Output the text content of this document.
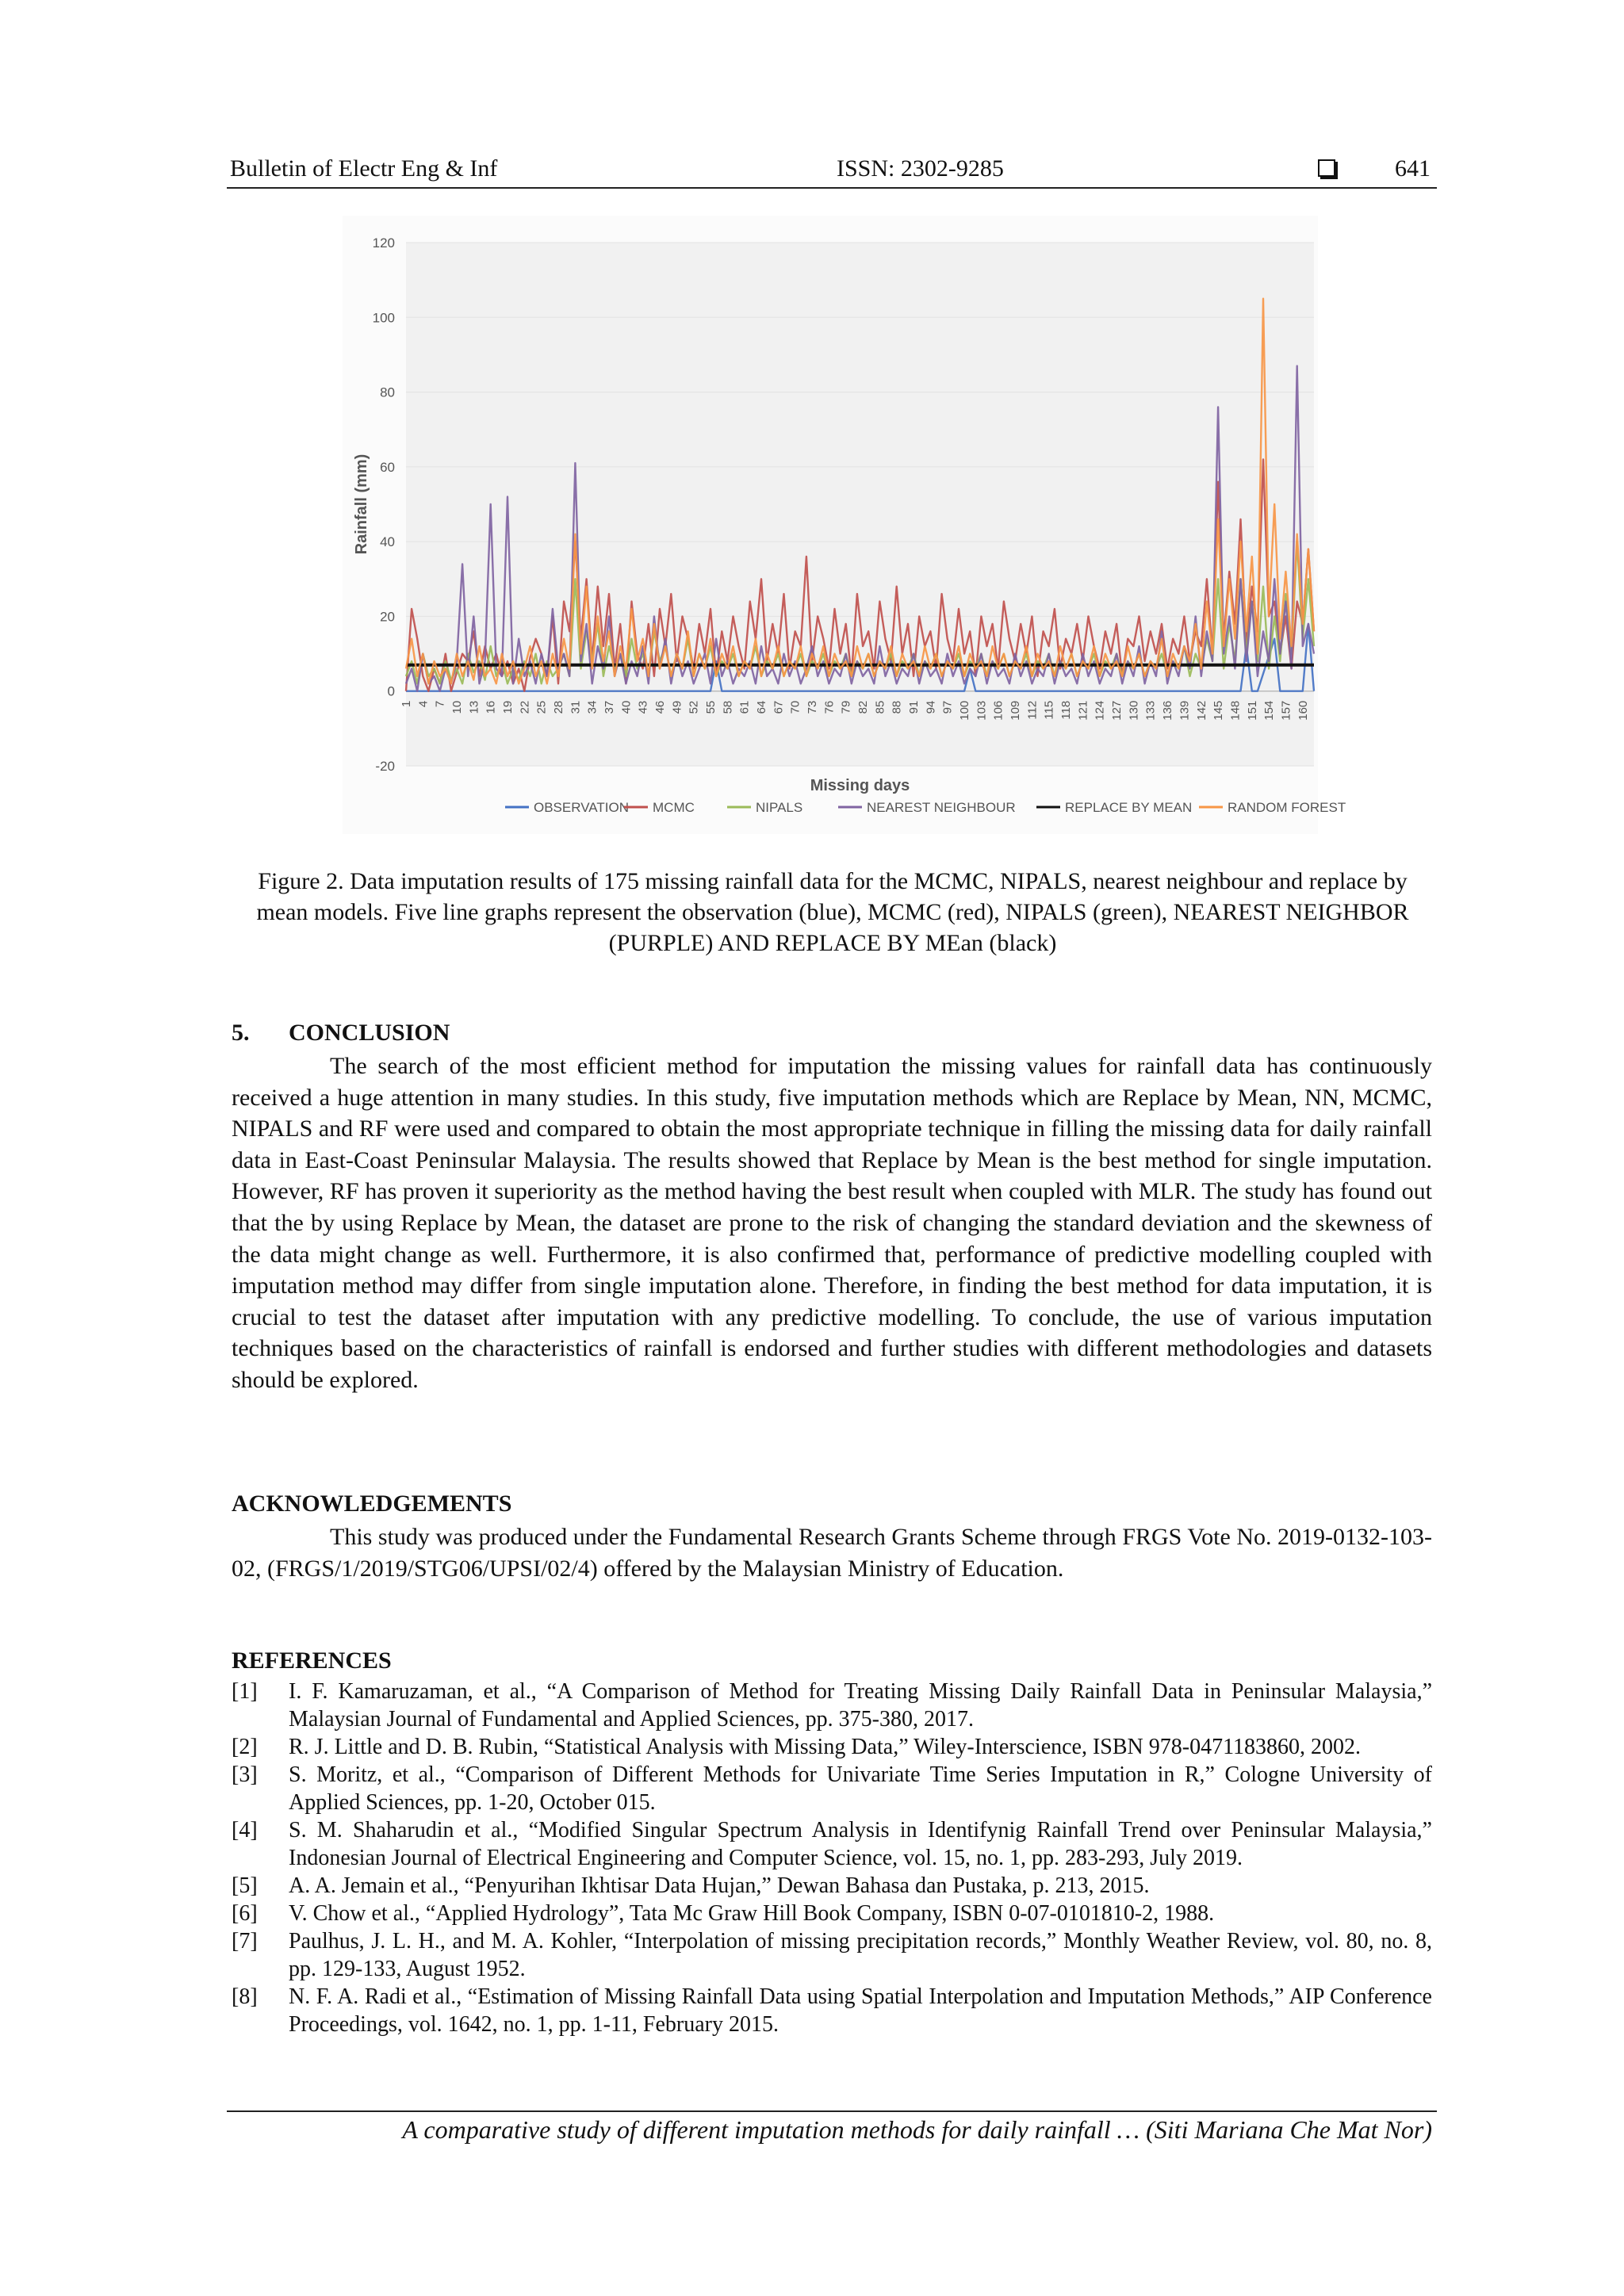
Bulletin of Electr Eng & Inf	ISSN: 2302-9285	641
-20
0
20
40
60
80
100
120
1 4 7 10 13 16 19 22 25 28 31 34 37 40 43 46 49 52 55 58 61 64 67 70 73 76 79 82 85 88 91 94 97 100 103 106 109 112 115 118 121 124 127 130 133 136 139 142 145 148 151 154 157 160
Rainfall (mm)
Missing days
OBSERVATION MCMC	NIPALS	NEAREST NEIGHBOUR	REPLACE BY MEAN	RANDOM FOREST
Figure 2. Data imputation results of 175 missing rainfall data for the MCMC, NIPALS, nearest neighbour and replace by mean models. Five line graphs represent the observation (blue), MCMC (red), NIPALS (green), NEAREST NEIGHBOR (PURPLE) AND REPLACE BY MEan (black)
5. CONCLUSION
The search of the most efficient method for imputation the missing values for rainfall data has continuously received a huge attention in many studies. In this study, five imputation methods which are Replace by Mean, NN, MCMC, NIPALS and RF were used and compared to obtain the most appropriate technique in filling the missing data for daily rainfall data in East-Coast Peninsular Malaysia. The results showed that Replace by Mean is the best method for single imputation. However, RF has proven it superiority as the method having the best result when coupled with MLR. The study has found out that the by using Replace by Mean, the dataset are prone to the risk of changing the standard deviation and the skewness of the data might change as well. Furthermore, it is also confirmed that, performance of predictive modelling coupled with imputation method may differ from single imputation alone. Therefore, in finding the best method for data imputation, it is crucial to test the dataset after imputation with any predictive modelling. To conclude, the use of various imputation techniques based on the characteristics of rainfall is endorsed and further studies with different methodologies and datasets should be explored.
ACKNOWLEDGEMENTS
This study was produced under the Fundamental Research Grants Scheme through FRGS Vote No. 2019-0132-103-02, (FRGS/1/2019/STG06/UPSI/02/4) offered by the Malaysian Ministry of Education.
REFERENCES
[1]	I. F. Kamaruzaman, et al., “A Comparison of Method for Treating Missing Daily Rainfall Data in Peninsular Malaysia,” Malaysian Journal of Fundamental and Applied Sciences, pp. 375-380, 2017.
[2]	R. J. Little and D. B. Rubin, “Statistical Analysis with Missing Data,” Wiley-Interscience, ISBN 978-0471183860, 2002.
[3]	S. Moritz, et al., “Comparison of Different Methods for Univariate Time Series Imputation in R,” Cologne University of Applied Sciences, pp. 1-20, October 015.
[4]	S. M. Shaharudin et al., “Modified Singular Spectrum Analysis in Identifynig Rainfall Trend over Peninsular Malaysia,” Indonesian Journal of Electrical Engineering and Computer Science, vol. 15, no. 1, pp. 283-293, July 2019.
[5]	A. A. Jemain et al., “Penyurihan Ikhtisar Data Hujan,” Dewan Bahasa dan Pustaka, p. 213, 2015.
[6]	V. Chow et al., “Applied Hydrology”, Tata Mc Graw Hill Book Company, ISBN 0-07-0101810-2, 1988.
[7]	Paulhus, J. L. H., and M. A. Kohler, “Interpolation of missing precipitation records,” Monthly Weather Review, vol. 80, no. 8, pp. 129-133, August 1952.
[8]	N. F. A. Radi et al., “Estimation of Missing Rainfall Data using Spatial Interpolation and Imputation Methods,” AIP Conference Proceedings, vol. 1642, no. 1, pp. 1-11, February 2015.
A comparative study of different imputation methods for daily rainfall … (Siti Mariana Che Mat Nor)
